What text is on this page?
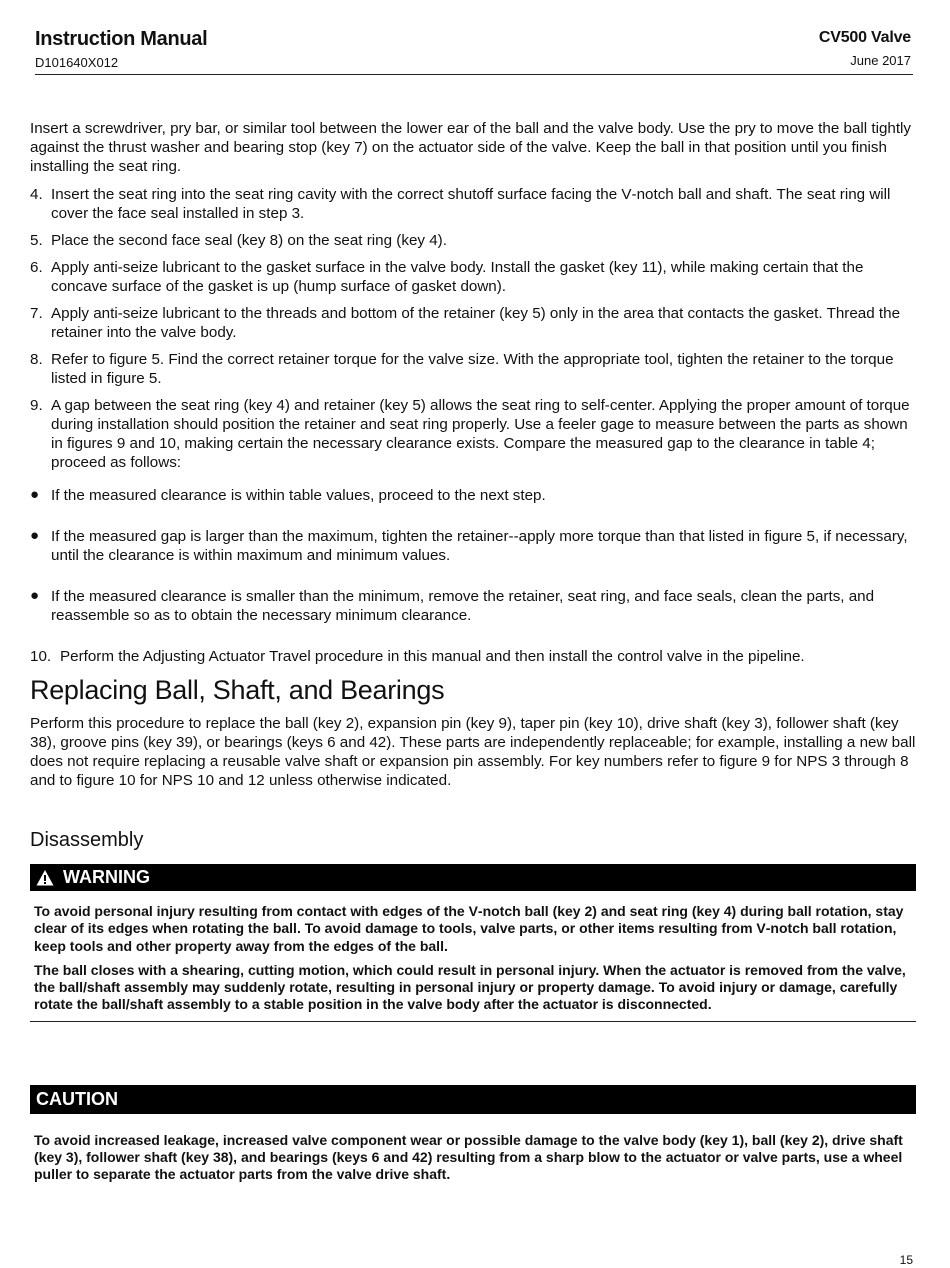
Instruction Manual
D101640X012
CV500 Valve
June 2017

Insert a screwdriver, pry bar, or similar tool between the lower ear of the ball and the valve body. Use the pry to move the ball tightly against the thrust washer and bearing stop (key 7) on the actuator side of the valve. Keep the ball in that position until you finish installing the seat ring.

4. Insert the seat ring into the seat ring cavity with the correct shutoff surface facing the V‐notch ball and shaft. The seat ring will cover the face seal installed in step 3.
5. Place the second face seal (key 8) on the seat ring (key 4).
6. Apply anti‐seize lubricant to the gasket surface in the valve body. Install the gasket (key 11), while making certain that the concave surface of the gasket is up (hump surface of gasket down).
7. Apply anti‐seize lubricant to the threads and bottom of the retainer (key 5) only in the area that contacts the gasket. Thread the retainer into the valve body.
8. Refer to figure 5. Find the correct retainer torque for the valve size. With the appropriate tool, tighten the retainer to the torque listed in figure 5.
9. A gap between the seat ring (key 4) and retainer (key 5) allows the seat ring to self‐center. Applying the proper amount of torque during installation should position the retainer and seat ring properly. Use a feeler gage to measure between the parts as shown in figures 9 and 10, making certain the necessary clearance exists. Compare the measured gap to the clearance in table 4; proceed as follows:
● If the measured clearance is within table values, proceed to the next step.
● If the measured gap is larger than the maximum, tighten the retainer‐‐apply more torque than that listed in figure 5, if necessary, until the clearance is within maximum and minimum values.
● If the measured clearance is smaller than the minimum, remove the retainer, seat ring, and face seals, clean the parts, and reassemble so as to obtain the necessary minimum clearance.
10. Perform the Adjusting Actuator Travel procedure in this manual and then install the control valve in the pipeline.
Replacing Ball, Shaft, and Bearings

Perform this procedure to replace the ball (key 2), expansion pin (key 9), taper pin (key 10), drive shaft (key 3), follower shaft (key 38), groove pins (key 39), or bearings (keys 6 and 42). These parts are independently replaceable; for example, installing a new ball does not require replacing a reusable valve shaft or expansion pin assembly. For key numbers refer to figure 9 for NPS 3 through 8 and to figure 10 for NPS 10 and 12 unless otherwise indicated.

Disassembly
WARNING

To avoid personal injury resulting from contact with edges of the V‐notch ball (key 2) and seat ring (key 4) during ball rotation, stay clear of its edges when rotating the ball. To avoid damage to tools, valve parts, or other items resulting from V‐notch ball rotation, keep tools and other property away from the edges of the ball.

The ball closes with a shearing, cutting motion, which could result in personal injury. When the actuator is removed from the valve, the ball/shaft assembly may suddenly rotate, resulting in personal injury or property damage. To avoid injury or damage, carefully rotate the ball/shaft assembly to a stable position in the valve body after the actuator is disconnected.

CAUTION
To avoid increased leakage, increased valve component wear or possible damage to the valve body (key 1), ball (key 2), drive shaft (key 3), follower shaft (key 38), and bearings (keys 6 and 42) resulting from a sharp blow to the actuator or valve parts, use a wheel puller to separate the actuator parts from the valve drive shaft.
15
